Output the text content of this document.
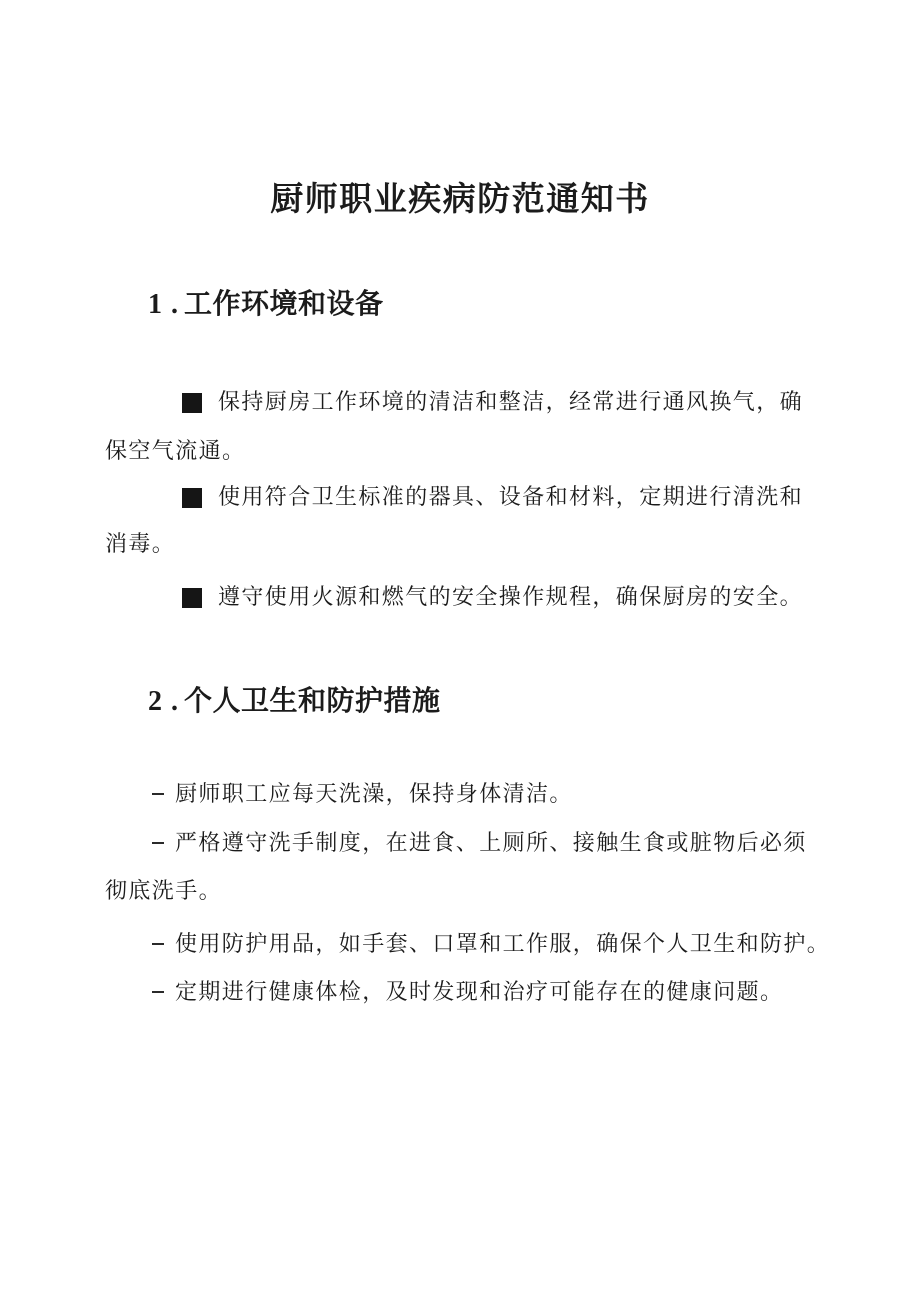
厨师职业疾病防范通知书
1 . 工作环境和设备
保持厨房工作环境的清洁和整洁，经常进行通风换气，确
保空气流通。
使用符合卫生标准的器具、设备和材料，定期进行清洗和
消毒。
遵守使用火源和燃气的安全操作规程，确保厨房的安全。
2 . 个人卫生和防护措施
厨师职工应每天洗澡，保持身体清洁。
严格遵守洗手制度，在进食、上厕所、接触生食或脏物后必须
彻底洗手。
使用防护用品，如手套、口罩和工作服，确保个人卫生和防护。
定期进行健康体检，及时发现和治疗可能存在的健康问题。
